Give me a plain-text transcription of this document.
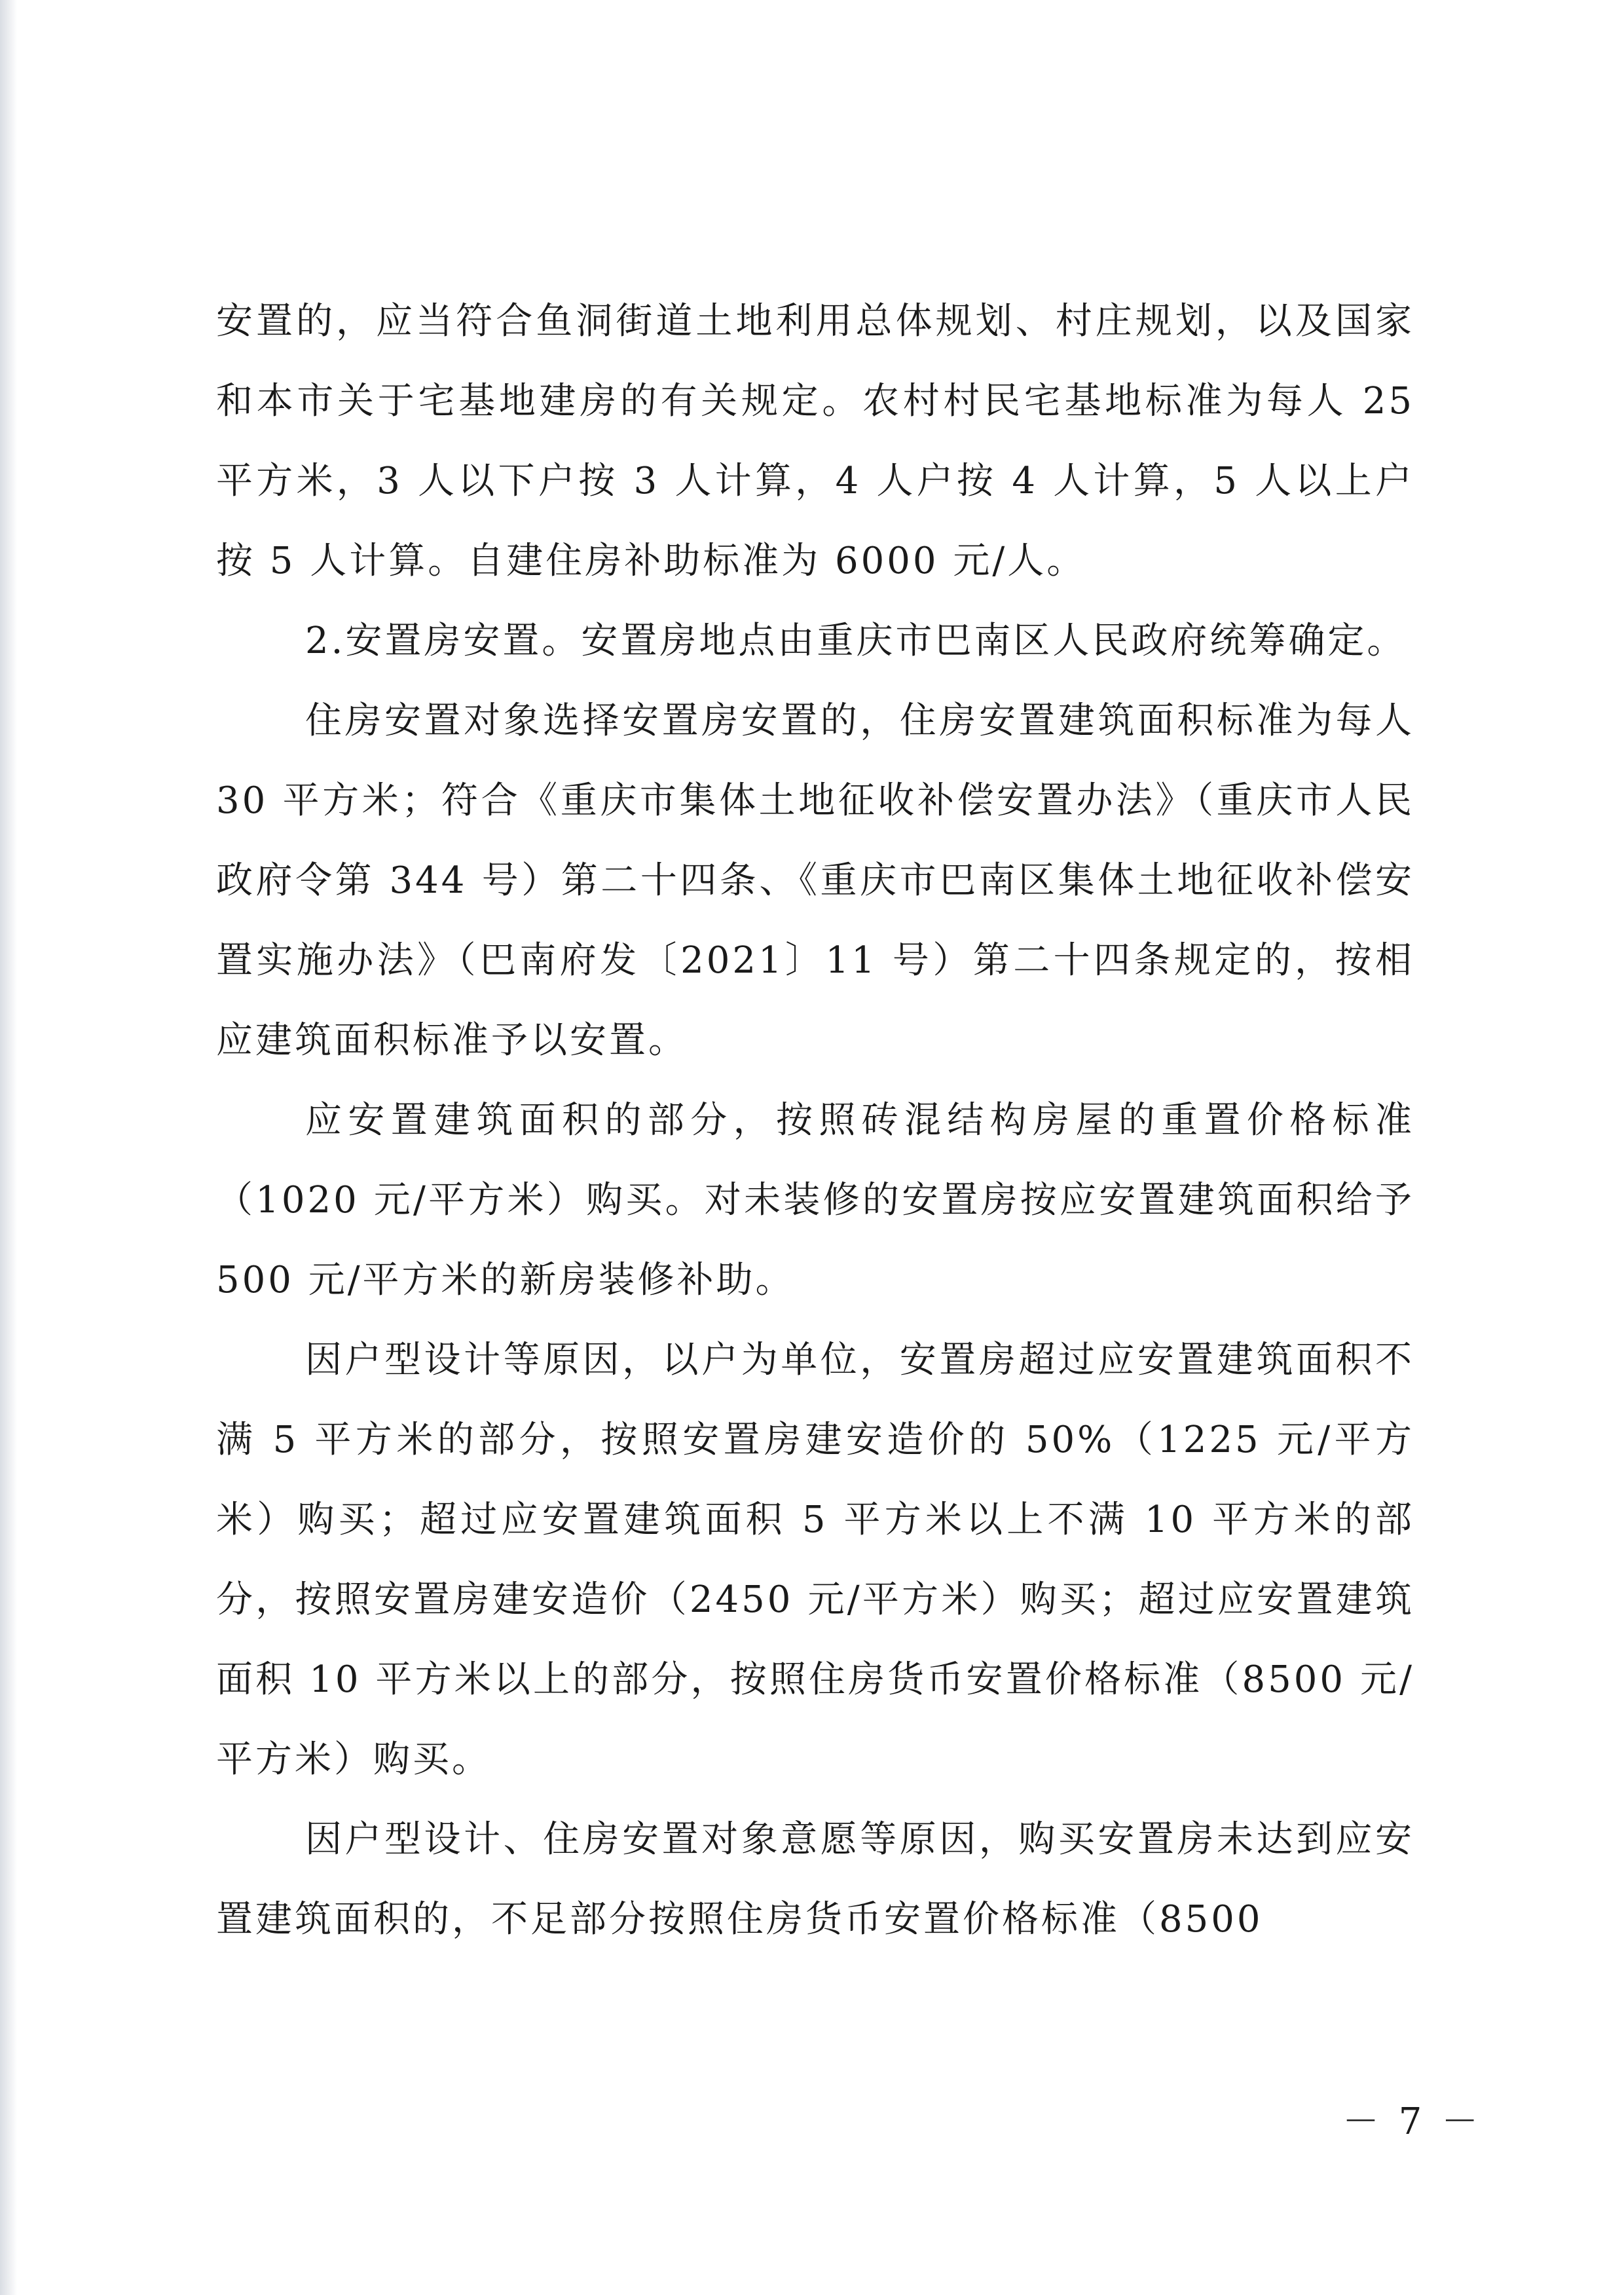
安置的，应当符合鱼洞街道土地利用总体规划、村庄规划，以及国家和本市关于宅基地建房的有关规定。农村村民宅基地标准为每人 25 平方米，3 人以下户按 3 人计算，4 人户按 4 人计算，5 人以上户按 5 人计算。自建住房补助标准为 6000 元/人。

2.安置房安置。安置房地点由重庆市巴南区人民政府统筹确定。

住房安置对象选择安置房安置的，住房安置建筑面积标准为每人 30 平方米；符合《重庆市集体土地征收补偿安置办法》（重庆市人民政府令第 344 号）第二十四条、《重庆市巴南区集体土地征收补偿安置实施办法》（巴南府发〔2021〕11 号）第二十四条规定的，按相应建筑面积标准予以安置。

应安置建筑面积的部分，按照砖混结构房屋的重置价格标准（1020 元/平方米）购买。对未装修的安置房按应安置建筑面积给予 500 元/平方米的新房装修补助。

因户型设计等原因，以户为单位，安置房超过应安置建筑面积不满 5 平方米的部分，按照安置房建安造价的 50%（1225 元/平方米）购买；超过应安置建筑面积 5 平方米以上不满 10 平方米的部分，按照安置房建安造价（2450 元/平方米）购买；超过应安置建筑面积 10 平方米以上的部分，按照住房货币安置价格标准（8500 元/平方米）购买。

因户型设计、住房安置对象意愿等原因，购买安置房未达到应安置建筑面积的，不足部分按照住房货币安置价格标准（8500

－ 7 －
